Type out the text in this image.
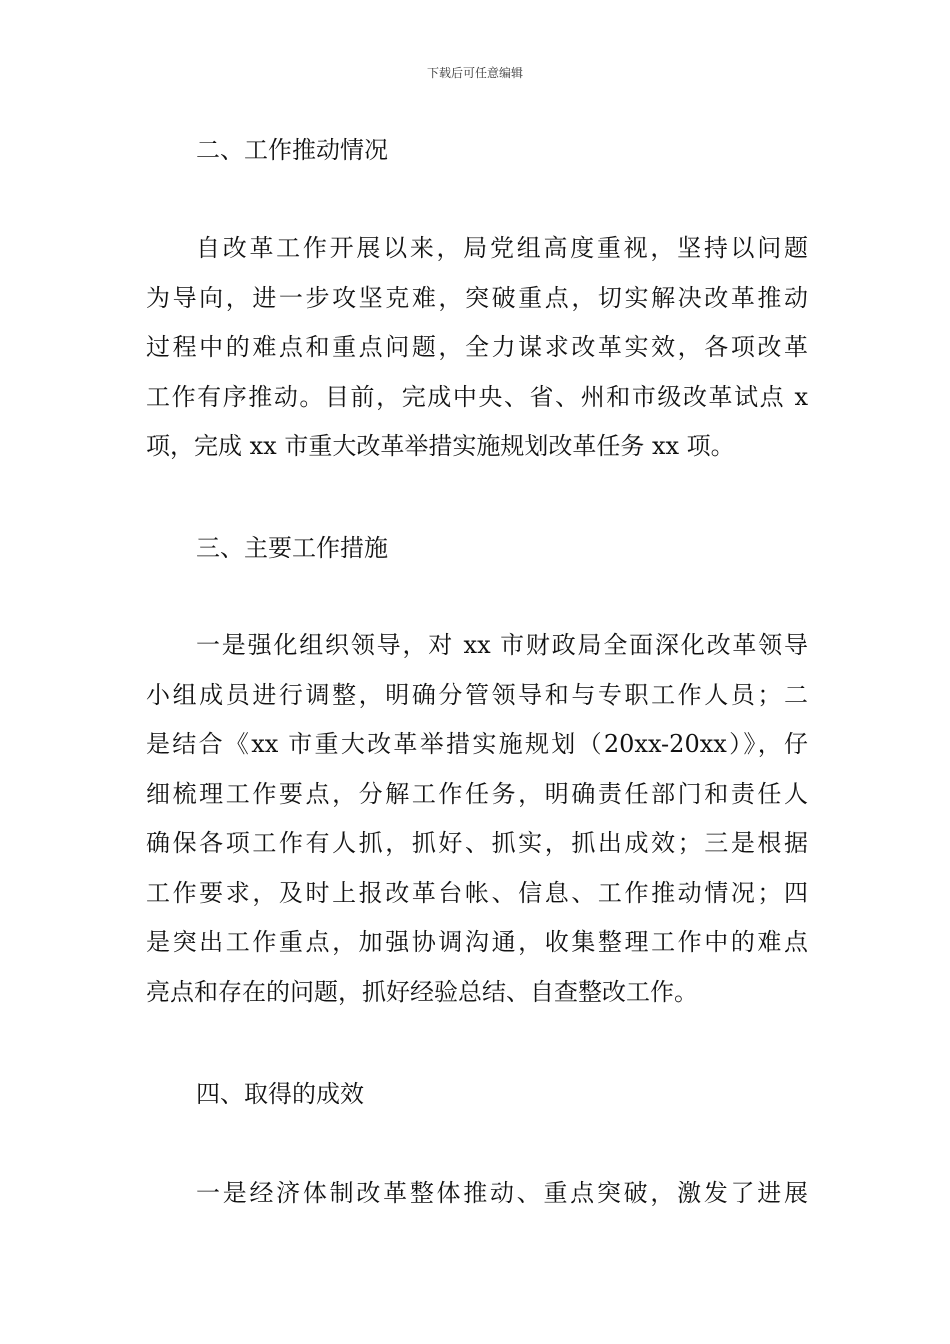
下载后可任意编辑
二、工作推动情况
自改革工作开展以来，局党组高度重视，坚持以问题
为导向，进一步攻坚克难，突破重点，切实解决改革推动
过程中的难点和重点问题，全力谋求改革实效，各项改革
工作有序推动。目前，完成中央、省、州和市级改革试点 x
项，完成 xx 市重大改革举措实施规划改革任务 xx 项。
三、主要工作措施
一是强化组织领导，对 xx 市财政局全面深化改革领导
小组成员进行调整，明确分管领导和与专职工作人员；二
是结合《xx 市重大改革举措实施规划（20xx-20xx）》，仔
细梳理工作要点，分解工作任务，明确责任部门和责任人
确保各项工作有人抓，抓好、抓实，抓出成效；三是根据
工作要求，及时上报改革台帐、信息、工作推动情况；四
是突出工作重点，加强协调沟通，收集整理工作中的难点
亮点和存在的问题，抓好经验总结、自查整改工作。
四、取得的成效
一是经济体制改革整体推动、重点突破，激发了进展
